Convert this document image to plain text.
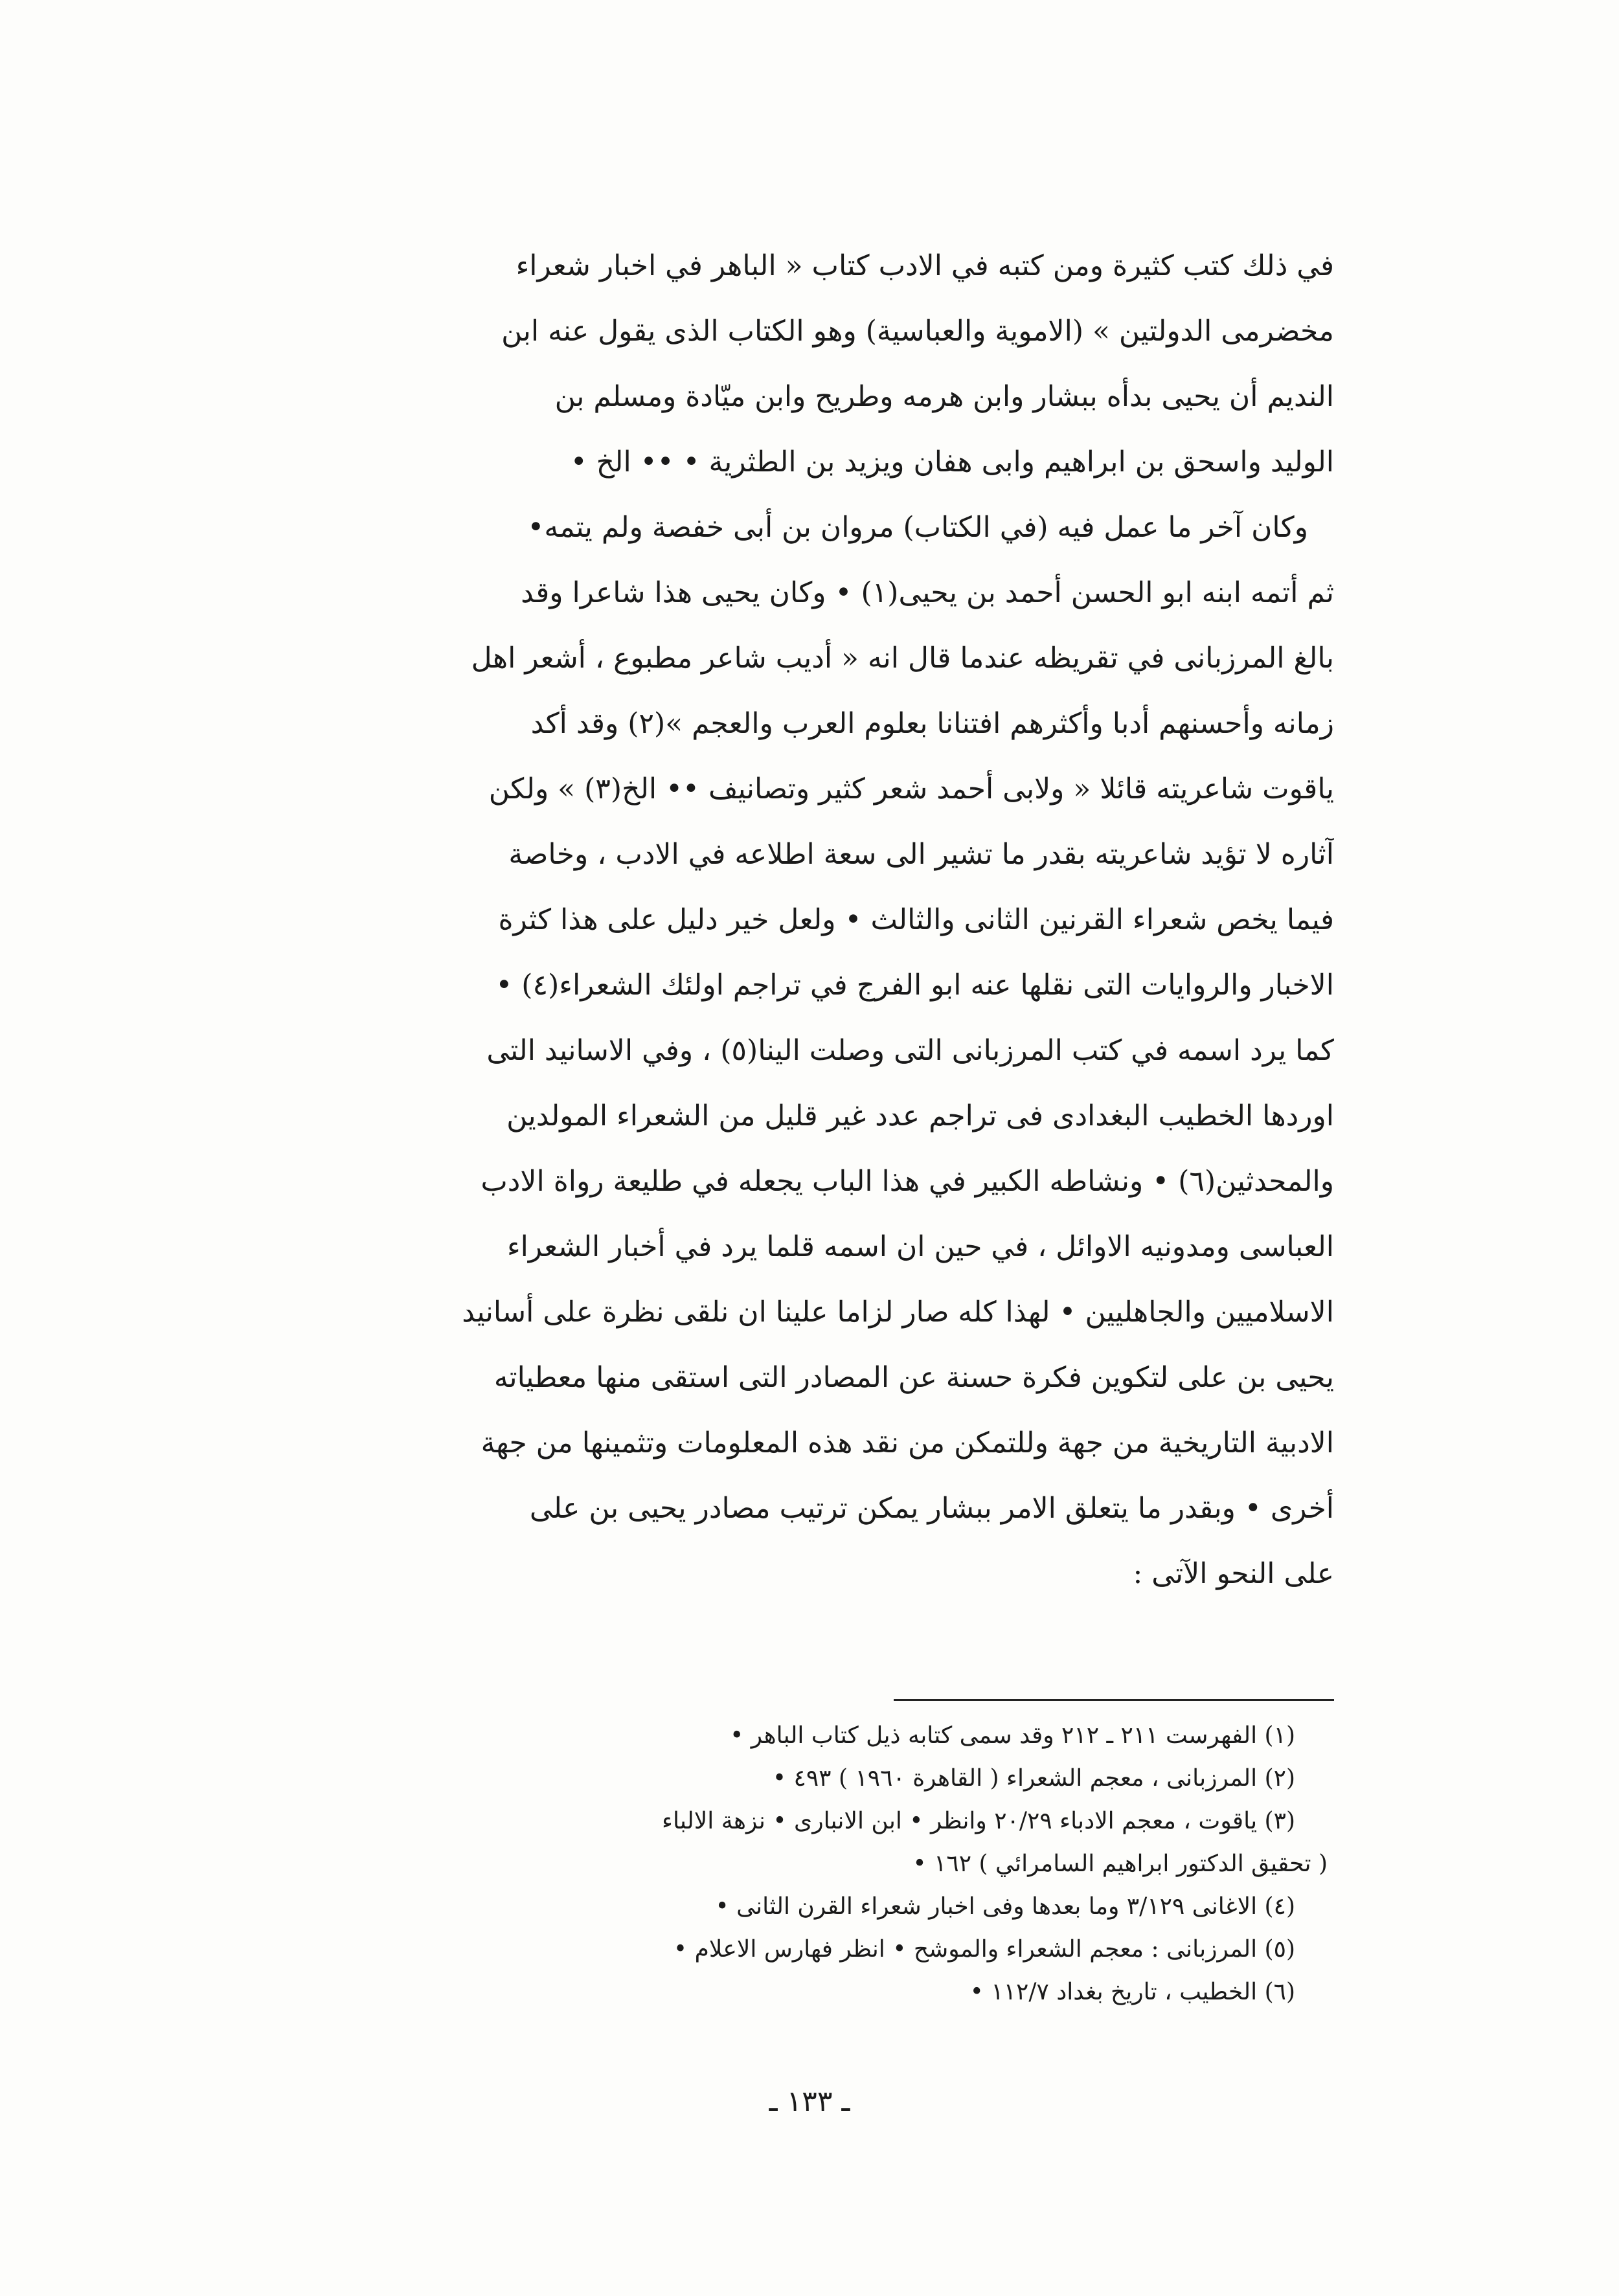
في ذلك كتب كثيرة ومن كتبه في الادب كتاب « الباهر في اخبار شعراء
مخضرمى الدولتين » (الاموية والعباسية) وهو الكتاب الذى يقول عنه ابن
النديم أن يحيى بدأه ببشار وابن هرمه وطريح وابن ميّادة ومسلم بن
الوليد واسحق بن ابراهيم وابى هفان ويزيد بن الطثرية • •• الخ •
وكان آخر ما عمل فيه (في الكتاب) مروان بن أبى خفصة ولم يتمه•
ثم أتمه ابنه ابو الحسن أحمد بن يحيى(١) • وكان يحيى هذا شاعرا وقد
بالغ المرزبانى في تقريظه عندما قال انه « أديب شاعر مطبوع ، أشعر اهل
زمانه وأحسنهم أدبا وأكثرهم افتنانا بعلوم العرب والعجم »(٢) وقد أكد
ياقوت شاعريته قائلا « ولابى أحمد شعر كثير وتصانيف •• الخ(٣) » ولكن
آثاره لا تؤيد شاعريته بقدر ما تشير الى سعة اطلاعه في الادب ، وخاصة
فيما يخص شعراء القرنين الثانى والثالث • ولعل خير دليل على هذا كثرة
الاخبار والروايات التى نقلها عنه ابو الفرج في تراجم اولئك الشعراء(٤) •
كما يرد اسمه في كتب المرزبانى التى وصلت الينا(٥) ، وفي الاسانيد التى
اوردها الخطيب البغدادى فى تراجم عدد غير قليل من الشعراء المولدين
والمحدثين(٦) • ونشاطه الكبير في هذا الباب يجعله في طليعة رواة الادب
العباسى ومدونيه الاوائل ، في حين ان اسمه قلما يرد في أخبار الشعراء
الاسلاميين والجاهليين • لهذا كله صار لزاما علينا ان نلقى نظرة على أسانيد
يحيى بن على لتكوين فكرة حسنة عن المصادر التى استقى منها معطياته
الادبية التاريخية من جهة وللتمكن من نقد هذه المعلومات وتثمينها من جهة
أخرى • وبقدر ما يتعلق الامر ببشار يمكن ترتيب مصادر يحيى بن على
على النحو الآتى :
(١) الفهرست ٢١١ ـ ٢١٢ وقد سمى كتابه ذيل كتاب الباهر •
(٢) المرزبانى ، معجم الشعراء ( القاهرة ١٩٦٠ ) ٤٩٣ •
(٣) ياقوت ، معجم الادباء ٢٠/٢٩ وانظر • ابن الانبارى • نزهة الالباء
( تحقيق الدكتور ابراهيم السامرائي ) ١٦٢ •
(٤) الاغانى ٣/١٢٩ وما بعدها وفى اخبار شعراء القرن الثانى •
(٥) المرزبانى : معجم الشعراء والموشح • انظر فهارس الاعلام •
(٦) الخطيب ، تاريخ بغداد ١١٢/٧ •
ـ ١٣٣ ـ
